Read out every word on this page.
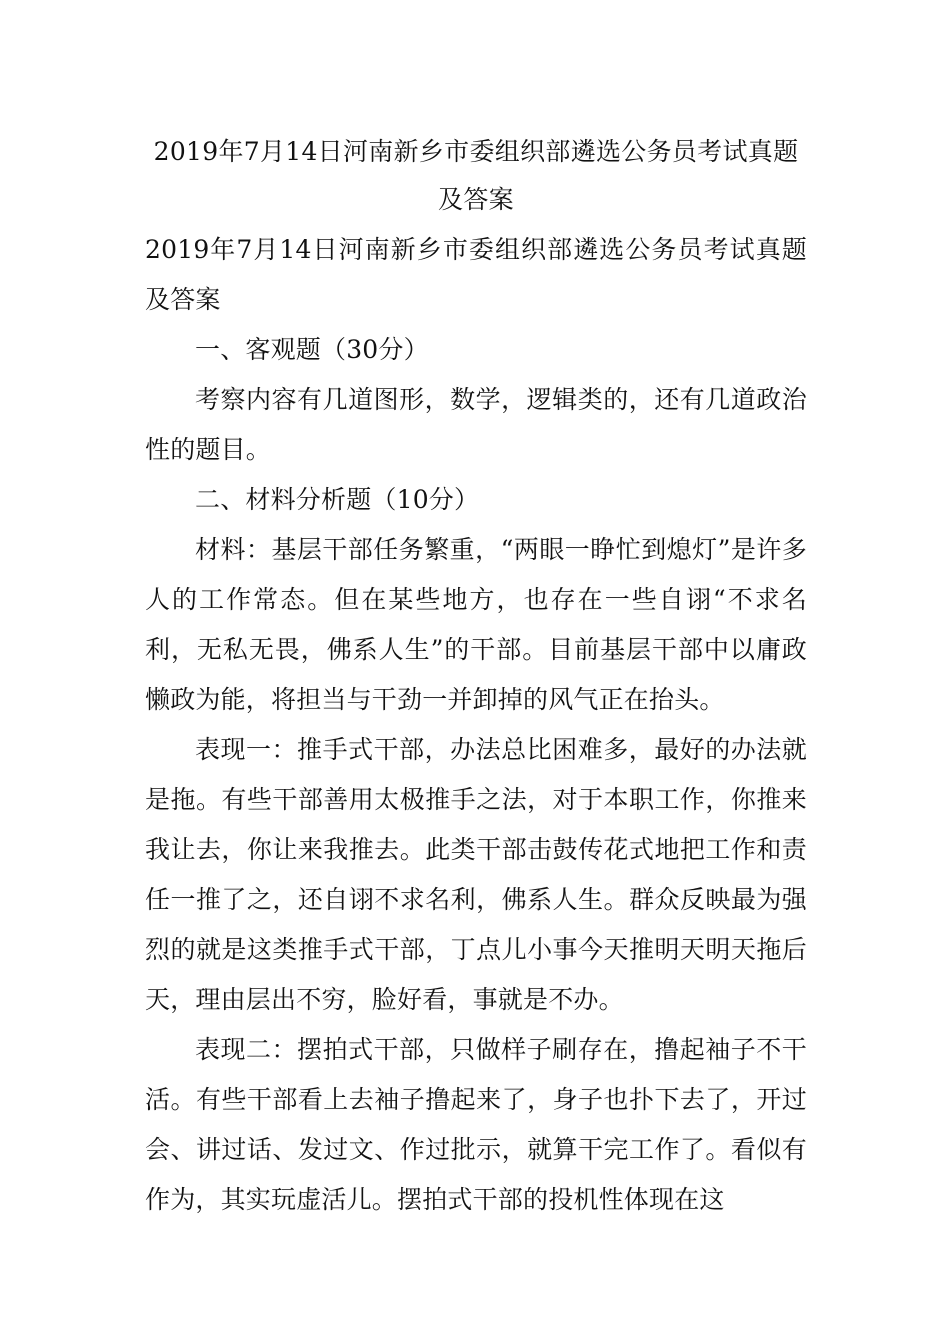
2019年7月14日河南新乡市委组织部遴选公务员考试真题及答案

2019年7月14日河南新乡市委组织部遴选公务员考试真题及答案

一、客观题（30分）

考察内容有几道图形，数学，逻辑类的，还有几道政治性的题目。

二、材料分析题（10分）

材料：基层干部任务繁重，“两眼一睁忙到熄灯”是许多人的工作常态。但在某些地方，也存在一些自诩“不求名利，无私无畏，佛系人生”的干部。目前基层干部中以庸政懒政为能，将担当与干劲一并卸掉的风气正在抬头。

表现一：推手式干部，办法总比困难多，最好的办法就是拖。有些干部善用太极推手之法，对于本职工作，你推来我让去，你让来我推去。此类干部击鼓传花式地把工作和责任一推了之，还自诩不求名利，佛系人生。群众反映最为强烈的就是这类推手式干部，丁点儿小事今天推明天明天拖后天，理由层出不穷，脸好看，事就是不办。

表现二：摆拍式干部，只做样子刷存在，撸起袖子不干活。有些干部看上去袖子撸起来了，身子也扑下去了，开过会、讲过话、发过文、作过批示，就算干完工作了。看似有作为，其实玩虚活儿。摆拍式干部的投机性体现在这
